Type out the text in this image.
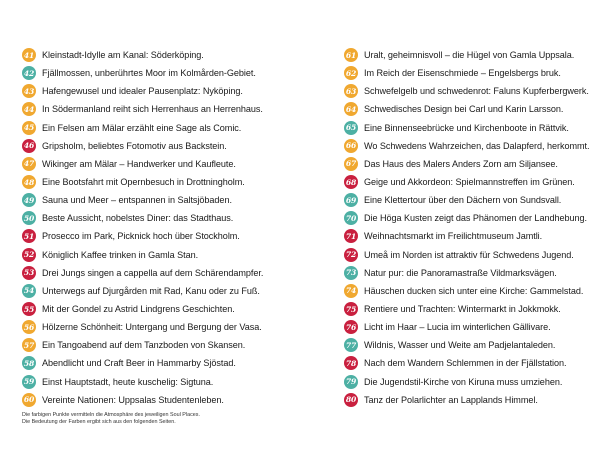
41 Kleinstadt-Idylle am Kanal: Söderköping.
42 Fjällmossen, unberührtes Moor im Kolmården-Gebiet.
43 Hafengewusel und idealer Pausenplatz: Nyköping.
44 In Södermanland reiht sich Herrenhaus an Herrenhaus.
45 Ein Felsen am Mälar erzählt eine Sage als Comic.
46 Gripsholm, beliebtes Fotomotiv aus Backstein.
47 Wikinger am Mälar – Handwerker und Kaufleute.
48 Eine Bootsfahrt mit Opernbesuch in Drottningholm.
49 Sauna und Meer – entspannen in Saltsjöbaden.
50 Beste Aussicht, nobelstes Diner: das Stadthaus.
51 Prosecco im Park, Picknick hoch über Stockholm.
52 Königlich Kaffee trinken in Gamla Stan.
53 Drei Jungs singen a cappella auf dem Schärendampfer.
54 Unterwegs auf Djurgården mit Rad, Kanu oder zu Fuß.
55 Mit der Gondel zu Astrid Lindgrens Geschichten.
56 Hölzerne Schönheit: Untergang und Bergung der Vasa.
57 Ein Tangoabend auf dem Tanzboden von Skansen.
58 Abendlicht und Craft Beer in Hammarby Sjöstad.
59 Einst Hauptstadt, heute kuschelig: Sigtuna.
60 Vereinte Nationen: Uppsalas Studentenleben.
61 Uralt, geheimnisvoll – die Hügel von Gamla Uppsala.
62 Im Reich der Eisenschmiede – Engelsbergs bruk.
63 Schwefelgelb und schwedenrot: Faluns Kupferbergwerk.
64 Schwedisches Design bei Carl und Karin Larsson.
65 Eine Binnenseebrücke und Kirchenboote in Rättvik.
66 Wo Schwedens Wahrzeichen, das Dalapferd, herkommt.
67 Das Haus des Malers Anders Zorn am Siljansee.
68 Geige und Akkordeon: Spielmannstreffen im Grünen.
69 Eine Klettertour über den Dächern von Sundsvall.
70 Die Höga Kusten zeigt das Phänomen der Landhebung.
71 Weihnachtsmarkt im Freilichtmuseum Jamtli.
72 Umeå im Norden ist attraktiv für Schwedens Jugend.
73 Natur pur: die Panoramastraße Vildmarksvägen.
74 Häuschen ducken sich unter eine Kirche: Gammelstad.
75 Rentiere und Trachten: Wintermarkt in Jokkmokk.
76 Licht im Haar – Lucia im winterlichen Gällivare.
77 Wildnis, Wasser und Weite am Padjelantaleden.
78 Nach dem Wandern Schlemmen in der Fjällstation.
79 Die Jugendstil-Kirche von Kiruna muss umziehen.
80 Tanz der Polarlichter an Lapplands Himmel.
Die farbigen Punkte vermitteln die Atmosphäre des jeweiligen Soul Places.
Die Bedeutung der Farben ergibt sich aus den folgenden Seiten.
